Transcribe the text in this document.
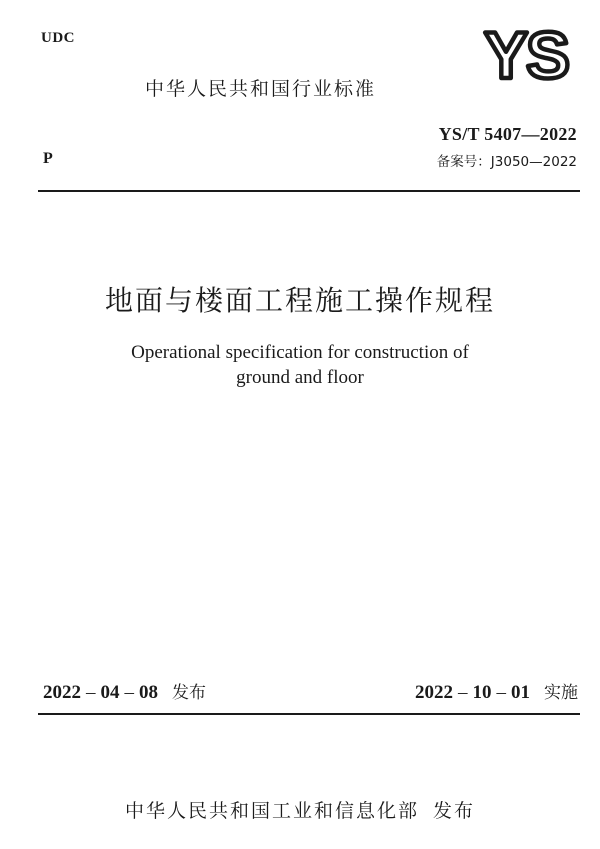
UDC	YS
中华人民共和国行业标准
YS/T 5407—2022
P	备案号：J3050—2022
地面与楼面工程施工操作规程
Operational specification for construction of
ground and floor
2022 – 04 – 08 发布	2022 – 10 – 01 实施
中华人民共和国工业和信息化部 发布
